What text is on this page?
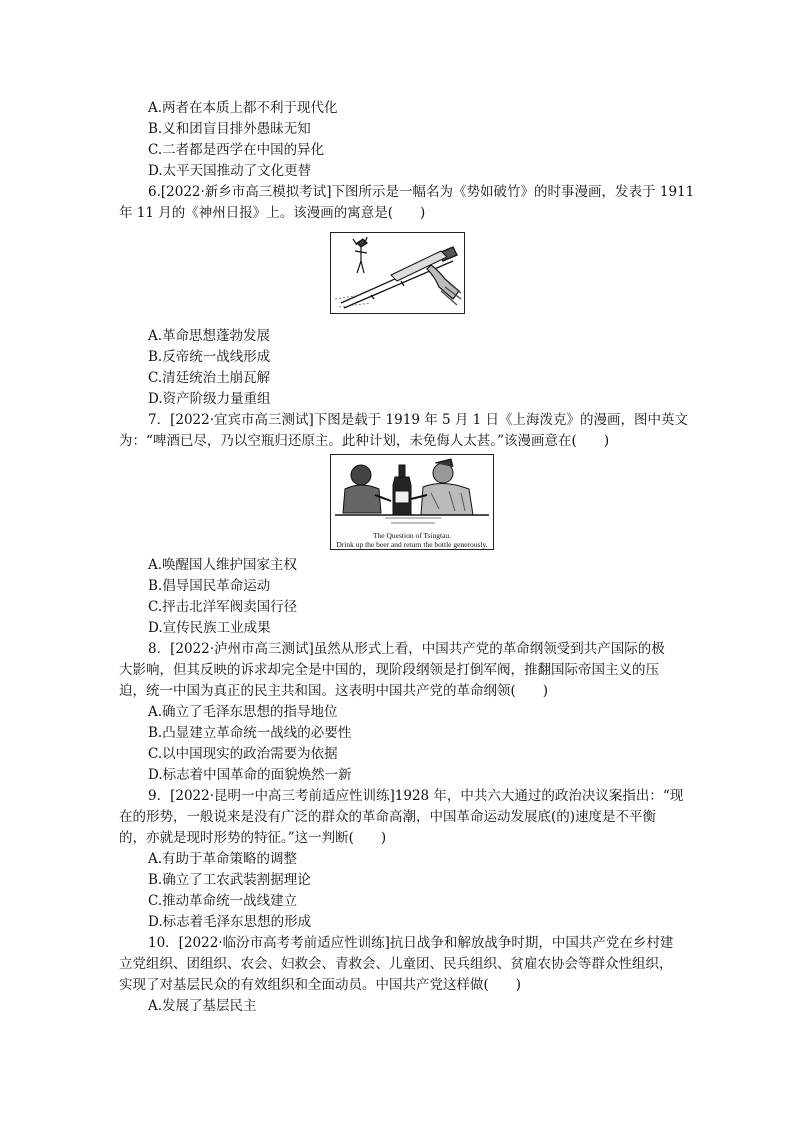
A.两者在本质上都不利于现代化
B.义和团盲目排外愚昧无知
C.二者都是西学在中国的异化
D.太平天国推动了文化更替
6.[2022·新乡市高三模拟考试]下图所示是一幅名为《势如破竹》的时事漫画，发表于 1911
年 11 月的《神州日报》上。该漫画的寓意是(　　)
A.革命思想蓬勃发展
B.反帝统一战线形成
C.清廷统治土崩瓦解
D.资产阶级力量重组
7．[2022·宜宾市高三测试]下图是载于 1919 年 5 月 1 日《上海泼克》的漫画，图中英文
为：“啤酒已尽，乃以空瓶归还原主。此种计划，未免侮人太甚。”该漫画意在(　　)
The Question of Tsingtau.
Drink up the beer and return the bottle generously.
A.唤醒国人维护国家主权
B.倡导国民革命运动
C.抨击北洋军阀卖国行径
D.宣传民族工业成果
8．[2022·泸州市高三测试]虽然从形式上看，中国共产党的革命纲领受到共产国际的极
大影响，但其反映的诉求却完全是中国的，现阶段纲领是打倒军阀，推翻国际帝国主义的压
迫，统一中国为真正的民主共和国。这表明中国共产党的革命纲领(　　)
A.确立了毛泽东思想的指导地位
B.凸显建立革命统一战线的必要性
C.以中国现实的政治需要为依据
D.标志着中国革命的面貌焕然一新
9．[2022·昆明一中高三考前适应性训练]1928 年，中共六大通过的政治决议案指出：“现
在的形势，一般说来是没有广泛的群众的革命高潮，中国革命运动发展底(的)速度是不平衡
的，亦就是现时形势的特征。”这一判断(　　)
A.有助于革命策略的调整
B.确立了工农武装割据理论
C.推动革命统一战线建立
D.标志着毛泽东思想的形成
10．[2022·临汾市高考考前适应性训练]抗日战争和解放战争时期，中国共产党在乡村建
立党组织、团组织、农会、妇救会、青救会、儿童团、民兵组织、贫雇农协会等群众性组织，
实现了对基层民众的有效组织和全面动员。中国共产党这样做(　　)
A.发展了基层民主
